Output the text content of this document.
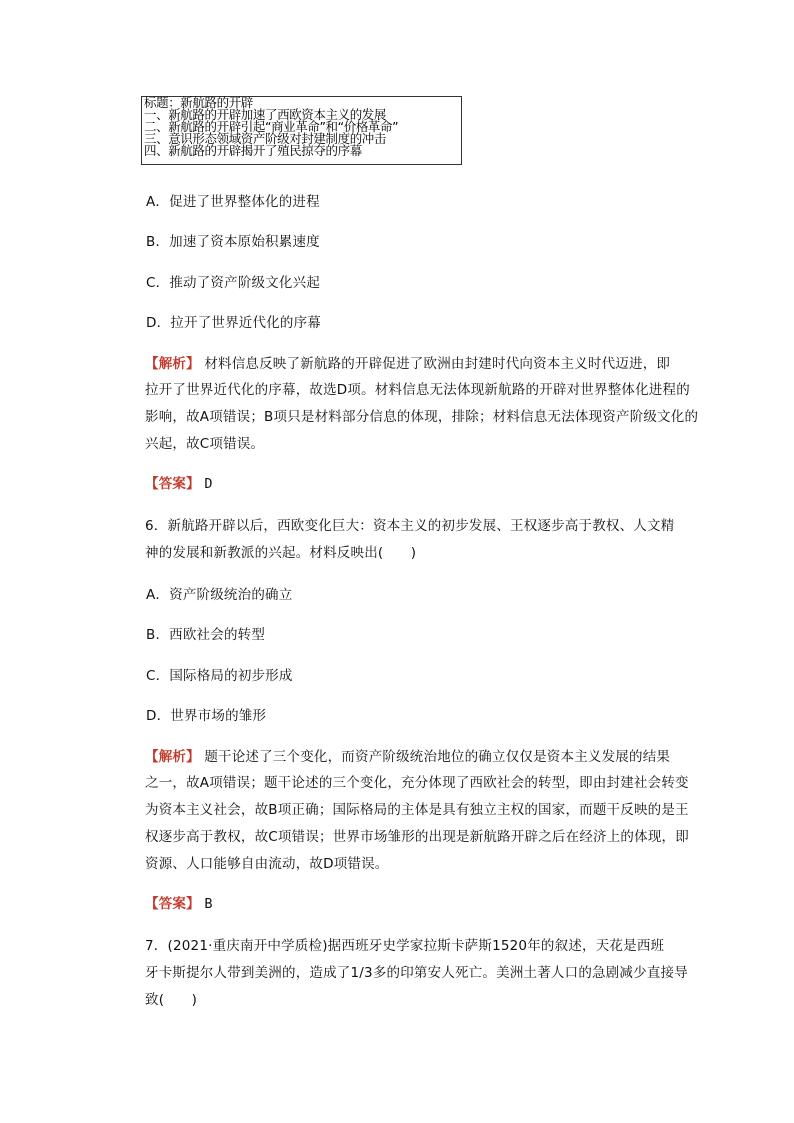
标题：新航路的开辟
一、新航路的开辟加速了西欧资本主义的发展
二、新航路的开辟引起“商业革命”和“价格革命”
三、意识形态领域资产阶级对封建制度的冲击
四、新航路的开辟揭开了殖民掠夺的序幕
A．促进了世界整体化的进程
B．加速了资本原始积累速度
C．推动了资产阶级文化兴起
D．拉开了世界近代化的序幕
【解析】 材料信息反映了新航路的开辟促进了欧洲由封建时代向资本主义时代迈进，即
拉开了世界近代化的序幕，故选D项。材料信息无法体现新航路的开辟对世界整体化进程的
影响，故A项错误；B项只是材料部分信息的体现，排除；材料信息无法体现资产阶级文化的
兴起，故C项错误。
【答案】 D
6．新航路开辟以后，西欧变化巨大：资本主义的初步发展、王权逐步高于教权、人文精
神的发展和新教派的兴起。材料反映出(　　)
A．资产阶级统治的确立
B．西欧社会的转型
C．国际格局的初步形成
D．世界市场的雏形
【解析】 题干论述了三个变化，而资产阶级统治地位的确立仅仅是资本主义发展的结果
之一，故A项错误；题干论述的三个变化，充分体现了西欧社会的转型，即由封建社会转变
为资本主义社会，故B项正确；国际格局的主体是具有独立主权的国家，而题干反映的是王
权逐步高于教权，故C项错误；世界市场雏形的出现是新航路开辟之后在经济上的体现，即
资源、人口能够自由流动，故D项错误。
【答案】 B
7．(2021·重庆南开中学质检)据西班牙史学家拉斯卡萨斯1520年的叙述，天花是西班
牙卡斯提尔人带到美洲的，造成了1/3多的印第安人死亡。美洲土著人口的急剧减少直接导
致(　　)
